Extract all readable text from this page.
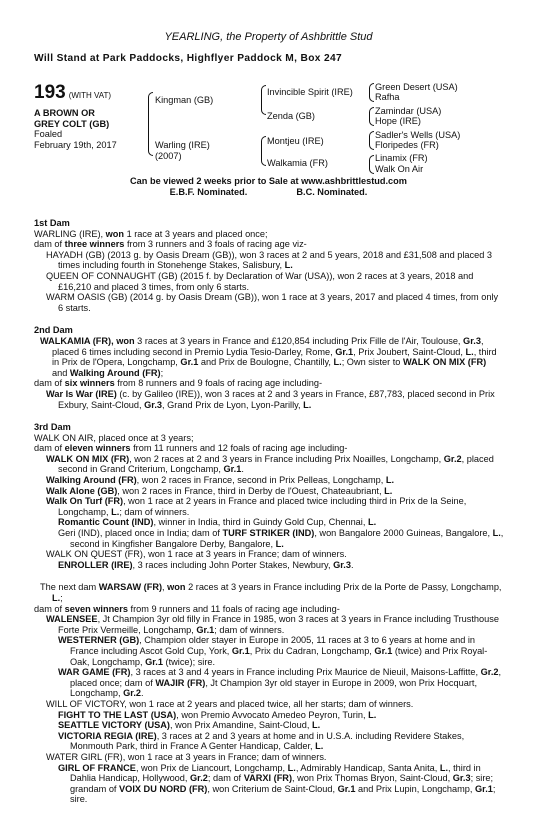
YEARLING, the Property of Ashbrittle Stud
Will Stand at Park Paddocks, Highflyer Paddock M, Box 247
193 (WITH VAT)
A BROWN OR
GREY COLT (GB)
Foaled
February 19th, 2017
Kingman (GB)
Warling (IRE)
(2007)
Invincible Spirit (IRE)
Zenda (GB)
Montjeu (IRE)
Walkamia (FR)
Green Desert (USA)
Rafha
Zamindar (USA)
Hope (IRE)
Sadler's Wells (USA)
Floripedes (FR)
Linamix (FR)
Walk On Air
Can be viewed 2 weeks prior to Sale at www.ashbrittlestud.com
E.B.F. Nominated.	B.C. Nominated.
1st Dam

WARLING (IRE), won 1 race at 3 years and placed once;

dam of three winners from 3 runners and 3 foals of racing age viz-

HAYADH (GB) (2013 g. by Oasis Dream (GB)), won 3 races at 2 and 5 years, 2018 and £31,508 and placed 3 times including fourth in Stonehenge Stakes, Salisbury, L.

QUEEN OF CONNAUGHT (GB) (2015 f. by Declaration of War (USA)), won 2 races at 3 years, 2018 and £16,210 and placed 3 times, from only 6 starts.

WARM OASIS (GB) (2014 g. by Oasis Dream (GB)), won 1 race at 3 years, 2017 and placed 4 times, from only 6 starts.

2nd Dam

WALKAMIA (FR), won 3 races at 3 years in France and £120,854 including Prix Fille de l'Air, Toulouse, Gr.3, placed 6 times including second in Premio Lydia Tesio-Darley, Rome, Gr.1, Prix Joubert, Saint-Cloud, L., third in Prix de l'Opera, Longchamp, Gr.1 and Prix de Boulogne, Chantilly, L.; Own sister to WALK ON MIX (FR) and Walking Around (FR);

dam of six winners from 8 runners and 9 foals of racing age including-

War Is War (IRE) (c. by Galileo (IRE)), won 3 races at 2 and 3 years in France, £87,783, placed second in Prix Exbury, Saint-Cloud, Gr.3, Grand Prix de Lyon, Lyon-Parilly, L.

3rd Dam

WALK ON AIR, placed once at 3 years;

dam of eleven winners from 11 runners and 12 foals of racing age including-

WALK ON MIX (FR), won 2 races at 2 and 3 years in France including Prix Noailles, Longchamp, Gr.2, placed second in Grand Criterium, Longchamp, Gr.1.

Walking Around (FR), won 2 races in France, second in Prix Pelleas, Longchamp, L.

Walk Alone (GB), won 2 races in France, third in Derby de l'Ouest, Chateaubriant, L.

Walk On Turf (FR), won 1 race at 2 years in France and placed twice including third in Prix de la Seine, Longchamp, L.; dam of winners.

Romantic Count (IND), winner in India, third in Guindy Gold Cup, Chennai, L.

Geri (IND), placed once in India; dam of TURF STRIKER (IND), won Bangalore 2000 Guineas, Bangalore, L., second in Kingfisher Bangalore Derby, Bangalore, L.

WALK ON QUEST (FR), won 1 race at 3 years in France; dam of winners.

ENROLLER (IRE), 3 races including John Porter Stakes, Newbury, Gr.3.

The next dam WARSAW (FR), won 2 races at 3 years in France including Prix de la Porte de Passy, Longchamp, L.;

dam of seven winners from 9 runners and 11 foals of racing age including-

WALENSEE, Jt Champion 3yr old filly in France in 1985, won 3 races at 3 years in France including Trusthouse Forte Prix Vermeille, Longchamp, Gr.1; dam of winners.

WESTERNER (GB), Champion older stayer in Europe in 2005, 11 races at 3 to 6 years at home and in France including Ascot Gold Cup, York, Gr.1, Prix du Cadran, Longchamp, Gr.1 (twice) and Prix Royal-Oak, Longchamp, Gr.1 (twice); sire.

WAR GAME (FR), 3 races at 3 and 4 years in France including Prix Maurice de Nieuil, Maisons-Laffitte, Gr.2, placed once; dam of WAJIR (FR), Jt Champion 3yr old stayer in Europe in 2009, won Prix Hocquart, Longchamp, Gr.2.

WILL OF VICTORY, won 1 race at 2 years and placed twice, all her starts; dam of winners.

FIGHT TO THE LAST (USA), won Premio Avvocato Amedeo Peyron, Turin, L.

SEATTLE VICTORY (USA), won Prix Amandine, Saint-Cloud, L.

VICTORIA REGIA (IRE), 3 races at 2 and 3 years at home and in U.S.A. including Revidere Stakes, Monmouth Park, third in France A Genter Handicap, Calder, L.

WATER GIRL (FR), won 1 race at 3 years in France; dam of winners.

GIRL OF FRANCE, won Prix de Liancourt, Longchamp, L., Admirably Handicap, Santa Anita, L., third in Dahlia Handicap, Hollywood, Gr.2; dam of VARXI (FR), won Prix Thomas Bryon, Saint-Cloud, Gr.3; sire; grandam of VOIX DU NORD (FR), won Criterium de Saint-Cloud, Gr.1 and Prix Lupin, Longchamp, Gr.1; sire.
